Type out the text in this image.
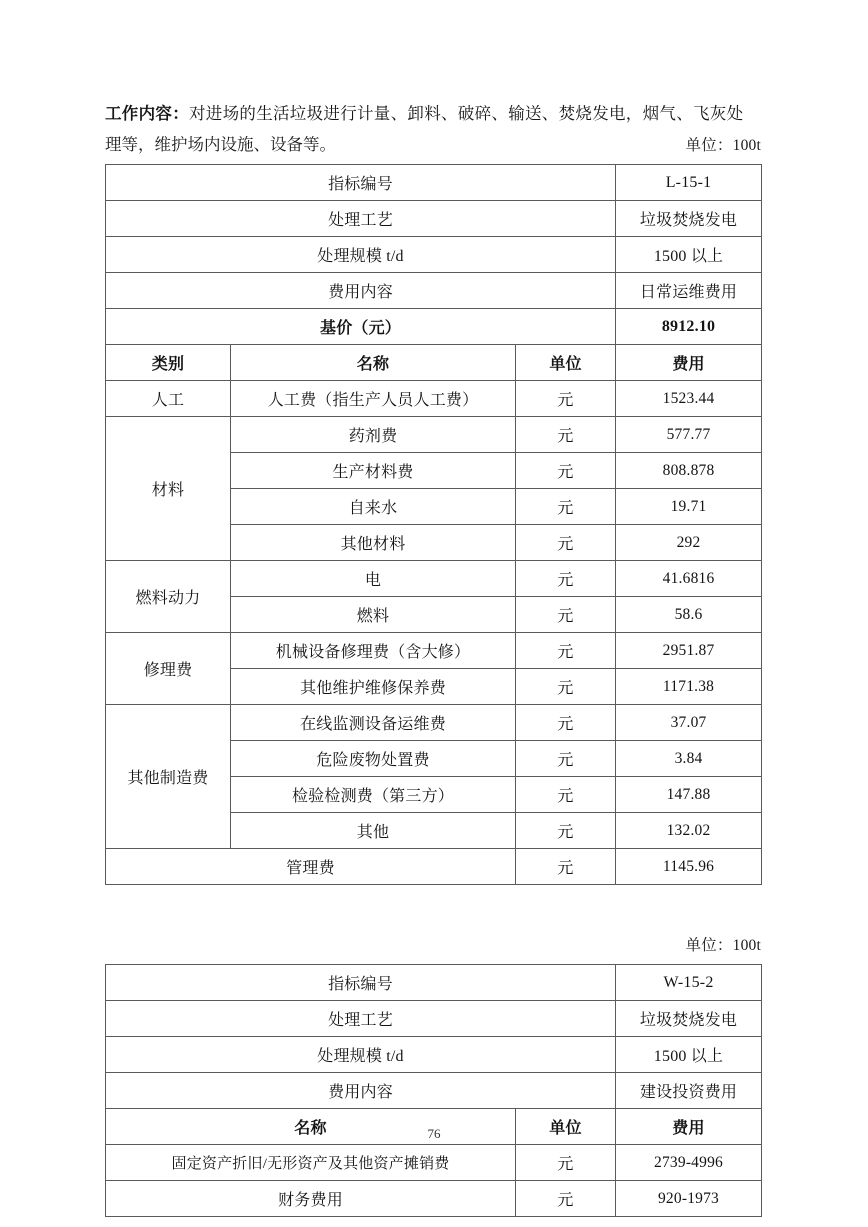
工作内容：对进场的生活垃圾进行计量、卸料、破碎、输送、焚烧发电，烟气、飞灰处
理等，维护场内设施、设备等。	单位：100t
指标编号			L-15-1
处理工艺			垃圾焚烧发电
处理规模 t/d			1500 以上
费用内容			日常运维费用
基价（元）			8912.10
类别	名称	单位	费用
人工	人工费（指生产人员人工费）	元	1523.44
材料	药剂费	元	577.77
	生产材料费	元	808.878
	自来水	元	19.71
	其他材料	元	292
燃料动力	电	元	41.6816
	燃料	元	58.6
修理费	机械设备修理费（含大修）	元	2951.87
	其他维护维修保养费	元	1171.38
其他制造费	在线监测设备运维费	元	37.07
	危险废物处置费	元	3.84
	检验检测费（第三方）	元	147.88
	其他	元	132.02
管理费		元	1145.96
单位：100t
指标编号		W-15-2
处理工艺		垃圾焚烧发电
处理规模 t/d		1500 以上
费用内容		建设投资费用
名称	单位	费用
固定资产折旧/无形资产及其他资产摊销费	元	2739-4996
财务费用	元	920-1973
76
